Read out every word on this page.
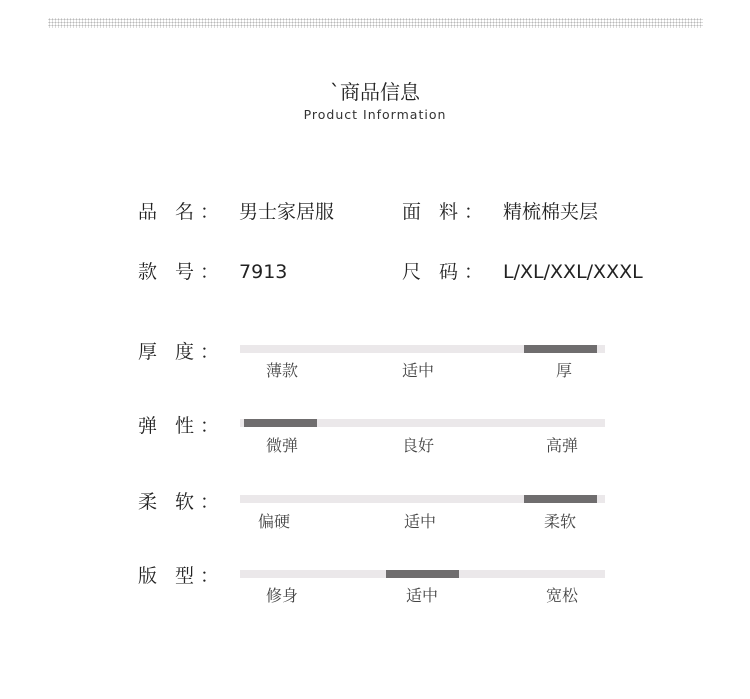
`商品信息
Product Information
品 名： 男士家居服	面 料： 精梳棉夹层
款 号： 7913	尺 码： L/XL/XXL/XXXL
厚 度：
薄款	适中	厚
弹 性：
微弹	良好	高弹
柔 软：
偏硬	适中	柔软
版 型：
修身	适中	宽松
